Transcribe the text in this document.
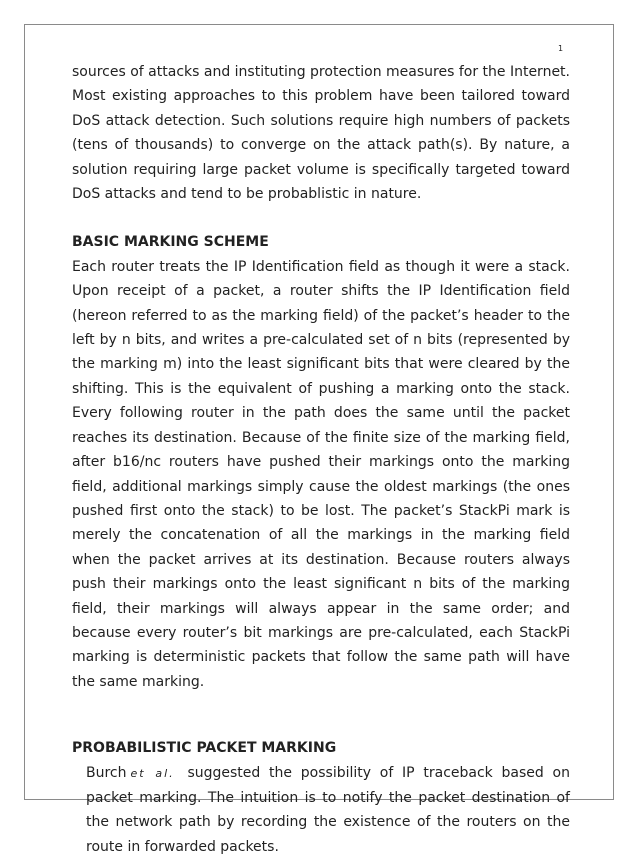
1

sources of attacks and instituting protection measures for the Internet. Most existing approaches to this problem have been tailored toward DoS attack detection. Such solutions require high numbers of packets (tens of thousands) to converge on the attack path(s). By nature, a solution requiring large packet volume is specifically targeted toward DoS attacks and tend to be probablistic in nature.

BASIC MARKING SCHEME

Each router treats the IP Identification field as though it were a stack. Upon receipt of a packet, a router shifts the IP Identification field (hereon referred to as the marking field) of the packet’s header to the left by n bits, and writes a pre-calculated set of n bits (represented by the marking m) into the least significant bits that were cleared by the shifting. This is the equivalent of pushing a marking onto the stack. Every following router in the path does the same until the packet reaches its destination. Because of the finite size of the marking field, after b16/nc routers have pushed their markings onto the marking field, additional markings simply cause the oldest markings (the ones pushed first onto the stack) to be lost. The packet’s StackPi mark is merely the concatenation of all the markings in the marking field when the packet arrives at its destination. Because routers always push their markings onto the least significant n bits of the marking field, their markings will always appear in the same order; and because every router’s bit markings are pre-calculated, each StackPi marking is deterministic packets that follow the same path will have the same marking.

PROBABILISTIC PACKET MARKING

Burch et al. suggested the possibility of IP traceback based on packet marking. The intuition is to notify the packet destination of the network path by recording the existence of the routers on the route in forwarded packets.
